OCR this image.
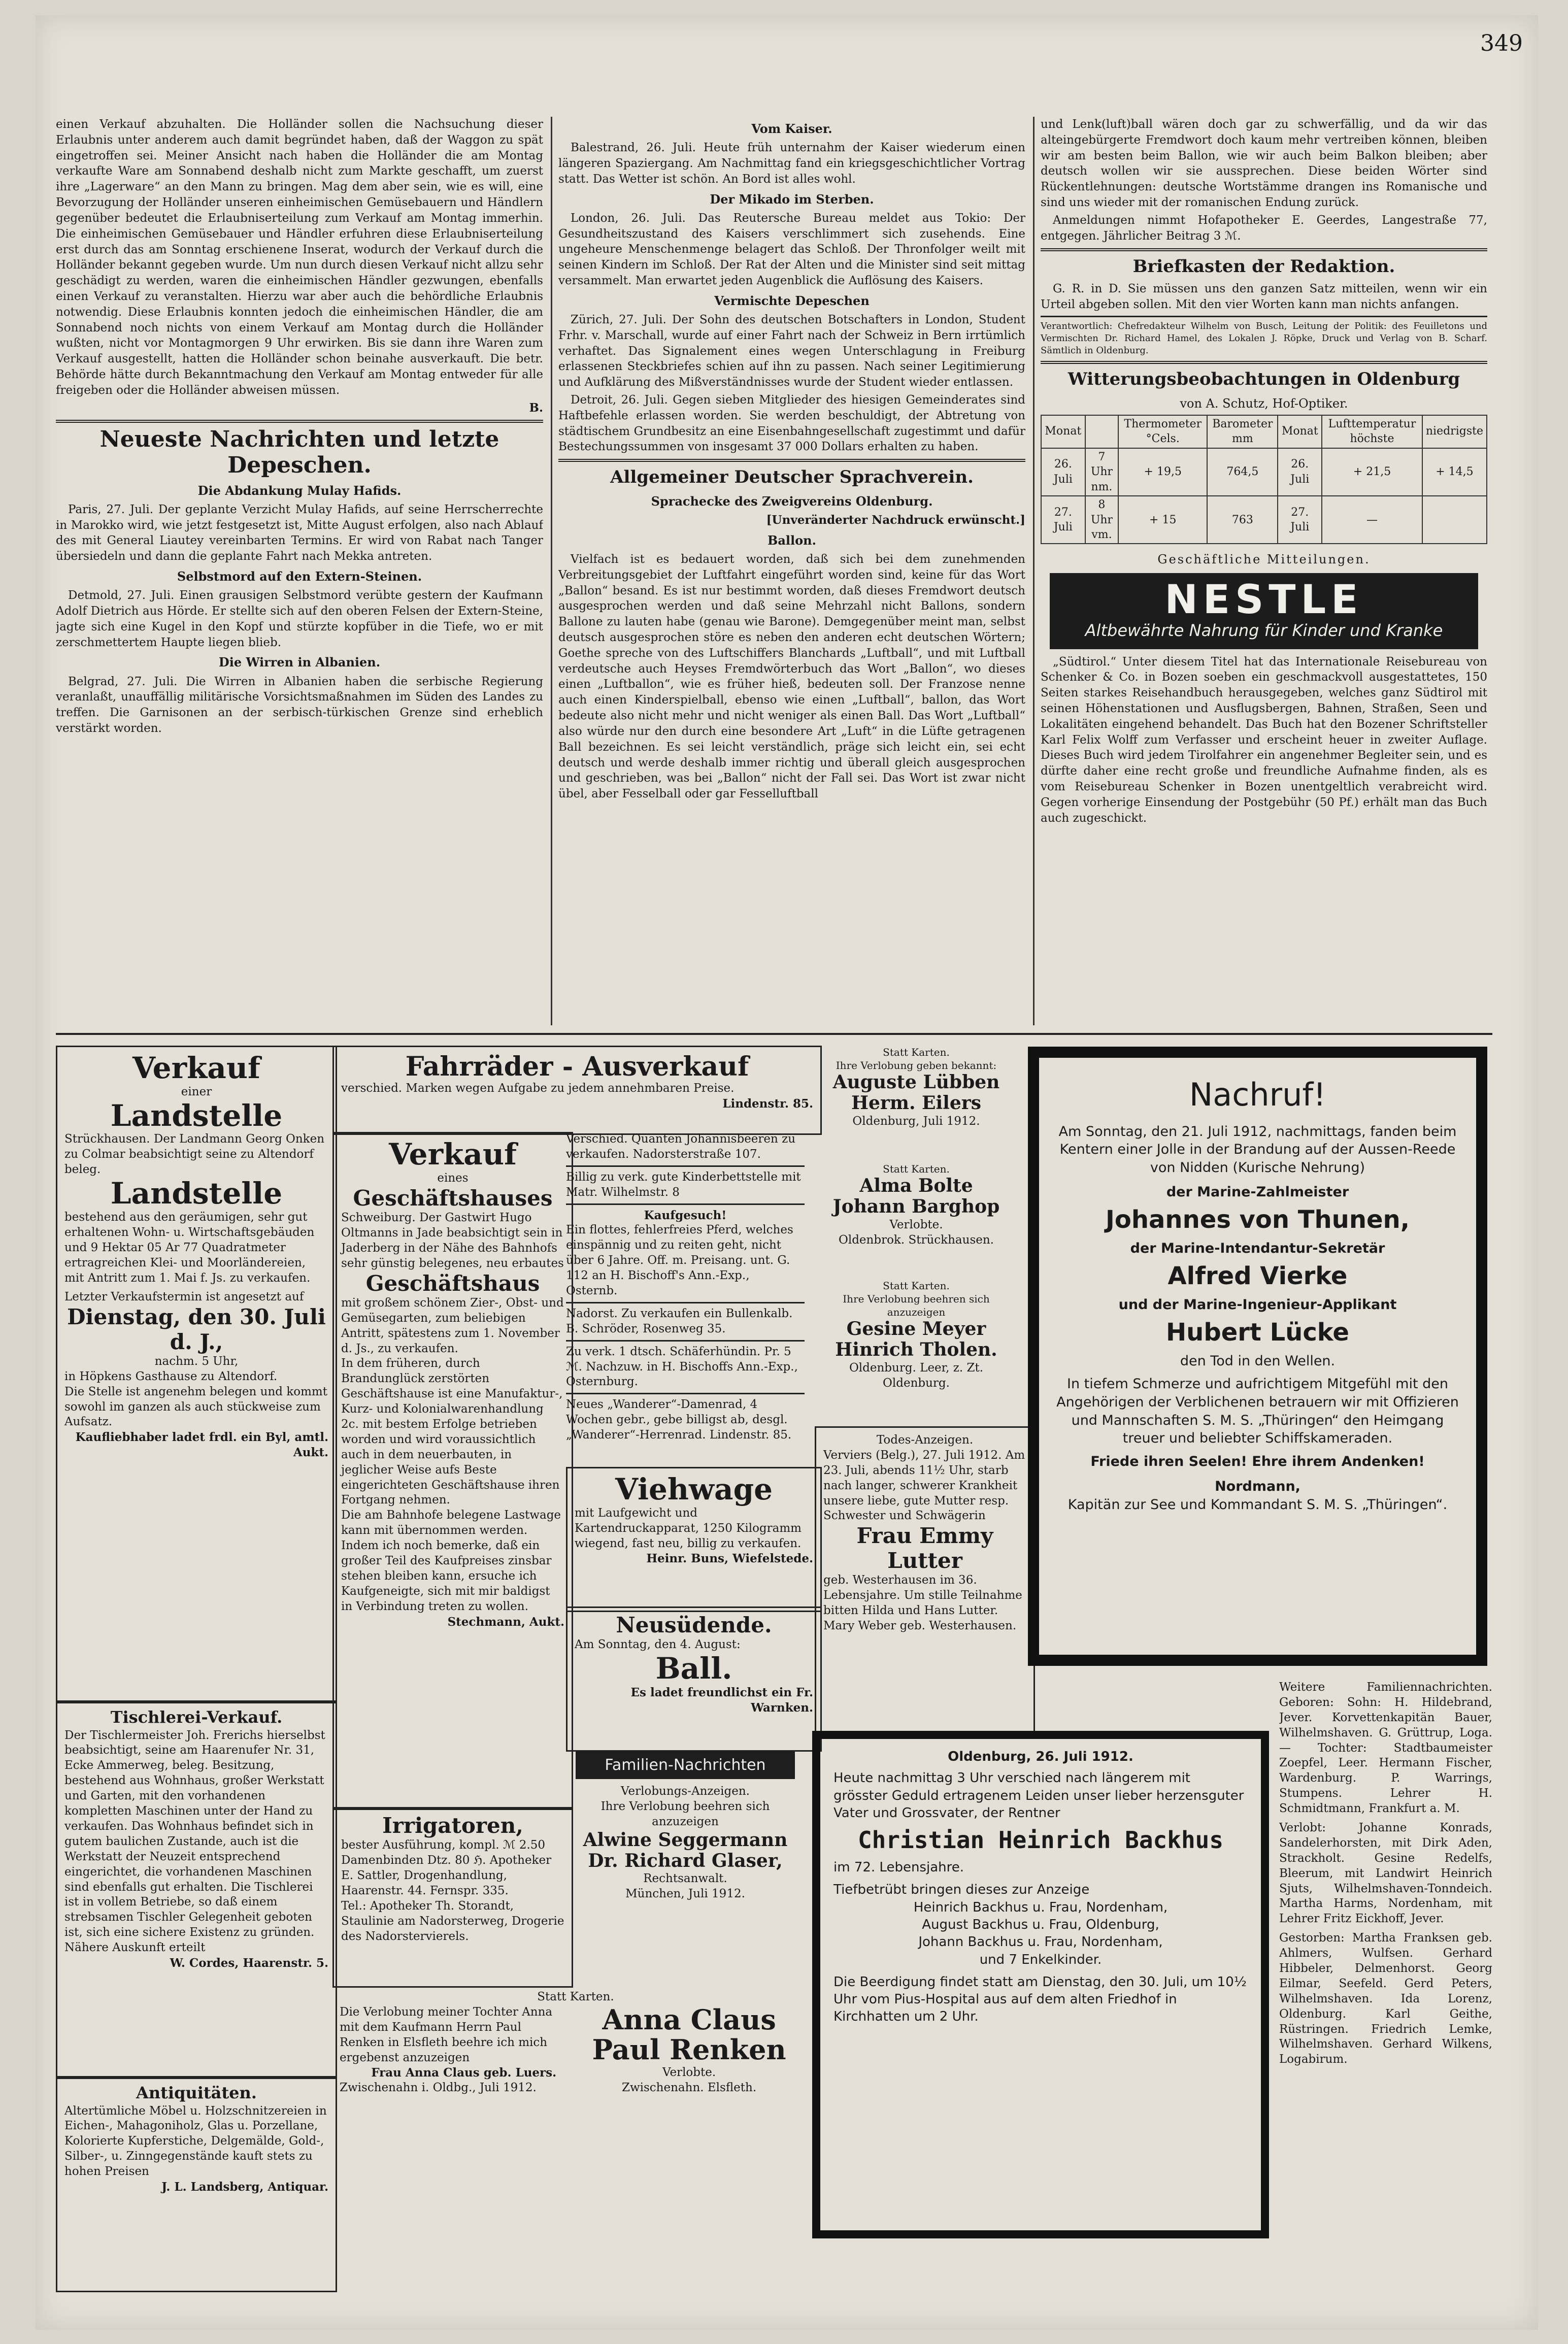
349

einen Verkauf abzuhalten. Die Holländer sollen die Nachsuchung dieser Erlaubnis unter anderem auch damit begründet haben, daß der Waggon zu spät eingetroffen sei. Meiner Ansicht nach haben die Holländer die am Montag verkaufte Ware am Sonnabend deshalb nicht zum Markte geschafft, um zuerst ihre „Lagerware“ an den Mann zu bringen. Mag dem aber sein, wie es will, eine Bevorzugung der Holländer unseren einheimischen Gemüsebauern und Händlern gegenüber bedeutet die Erlaubniserteilung zum Verkauf am Montag immerhin. Die einheimischen Gemüsebauer und Händler erfuhren diese Erlaubniserteilung erst durch das am Sonntag erschienene Inserat, wodurch der Verkauf durch die Holländer bekannt gegeben wurde. Um nun durch diesen Verkauf nicht allzu sehr geschädigt zu werden, waren die einheimischen Händler gezwungen, ebenfalls einen Verkauf zu veranstalten. Hierzu war aber auch die behördliche Erlaubnis notwendig. Diese Erlaubnis konnten jedoch die einheimischen Händler, die am Sonnabend noch nichts von einem Verkauf am Montag durch die Holländer wußten, nicht vor Montagmorgen 9 Uhr erwirken. Bis sie dann ihre Waren zum Verkauf ausgestellt, hatten die Holländer schon beinahe ausverkauft. Die betr. Behörde hätte durch Bekanntmachung den Verkauf am Montag entweder für alle freigeben oder die Holländer abweisen müssen.

B.
Neueste Nachrichten und letzte Depeschen.
Die Abdankung Mulay Hafids.

Paris, 27. Juli. Der geplante Verzicht Mulay Hafids, auf seine Herrscherrechte in Marokko wird, wie jetzt festgesetzt ist, Mitte August erfolgen, also nach Ablauf des mit General Liautey vereinbarten Termins. Er wird von Rabat nach Tanger übersiedeln und dann die geplante Fahrt nach Mekka antreten.

Selbstmord auf den Extern-Steinen.

Detmold, 27. Juli. Einen grausigen Selbstmord verübte gestern der Kaufmann Adolf Dietrich aus Hörde. Er stellte sich auf den oberen Felsen der Extern-Steine, jagte sich eine Kugel in den Kopf und stürzte kopfüber in die Tiefe, wo er mit zerschmettertem Haupte liegen blieb.

Die Wirren in Albanien.

Belgrad, 27. Juli. Die Wirren in Albanien haben die serbische Regierung veranlaßt, unauffällig militärische Vorsichtsmaßnahmen im Süden des Landes zu treffen. Die Garnisonen an der serbisch-türkischen Grenze sind erheblich verstärkt worden.

Vom Kaiser.

Balestrand, 26. Juli. Heute früh unternahm der Kaiser wiederum einen längeren Spaziergang. Am Nachmittag fand ein kriegsgeschichtlicher Vortrag statt. Das Wetter ist schön. An Bord ist alles wohl.

Der Mikado im Sterben.

London, 26. Juli. Das Reutersche Bureau meldet aus Tokio: Der Gesundheitszustand des Kaisers verschlimmert sich zusehends. Eine ungeheure Menschenmenge belagert das Schloß. Der Thronfolger weilt mit seinen Kindern im Schloß. Der Rat der Alten und die Minister sind seit mittag versammelt. Man erwartet jeden Augenblick die Auflösung des Kaisers.

Vermischte Depeschen

Zürich, 27. Juli. Der Sohn des deutschen Botschafters in London, Student Frhr. v. Marschall, wurde auf einer Fahrt nach der Schweiz in Bern irrtümlich verhaftet. Das Signalement eines wegen Unterschlagung in Freiburg erlassenen Steckbriefes schien auf ihn zu passen. Nach seiner Legitimierung und Aufklärung des Mißverständnisses wurde der Student wieder entlassen.

Detroit, 26. Juli. Gegen sieben Mitglieder des hiesigen Gemeinderates sind Haftbefehle erlassen worden. Sie werden beschuldigt, der Abtretung von städtischem Grundbesitz an eine Eisenbahngesellschaft zugestimmt und dafür Bestechungssummen von insgesamt 37 000 Dollars erhalten zu haben.

Allgemeiner Deutscher Sprachverein.
Sprachecke des Zweigvereins Oldenburg.
[Unveränderter Nachdruck erwünscht.]
Ballon.

Vielfach ist es bedauert worden, daß sich bei dem zunehmenden Verbreitungsgebiet der Luftfahrt eingeführt worden sind, keine für das Wort „Ballon“ besand. Es ist nur bestimmt worden, daß dieses Fremdwort deutsch ausgesprochen werden und daß seine Mehrzahl nicht Ballons, sondern Ballone zu lauten habe (genau wie Barone). Demgegenüber meint man, selbst deutsch ausgesprochen störe es neben den anderen echt deutschen Wörtern; Goethe spreche von des Luftschiffers Blanchards „Luftball“, und mit Luftball verdeutsche auch Heyses Fremdwörterbuch das Wort „Ballon“, wo dieses einen „Luftballon“, wie es früher hieß, bedeuten soll. Der Franzose nenne auch einen Kinderspielball, ebenso wie einen „Luftball“, ballon, das Wort bedeute also nicht mehr und nicht weniger als einen Ball. Das Wort „Luftball“ also würde nur den durch eine besondere Art „Luft“ in die Lüfte getragenen Ball bezeichnen. Es sei leicht verständlich, präge sich leicht ein, sei echt deutsch und werde deshalb immer richtig und überall gleich ausgesprochen und geschrieben, was bei „Ballon“ nicht der Fall sei. Das Wort ist zwar nicht übel, aber Fesselball oder gar Fesselluftball

und Lenk(luft)ball wären doch gar zu schwerfällig, und da wir das alteingebürgerte Fremdwort doch kaum mehr vertreiben können, bleiben wir am besten beim Ballon, wie wir auch beim Balkon bleiben; aber deutsch wollen wir sie aussprechen. Diese beiden Wörter sind Rückentlehnungen: deutsche Wortstämme drangen ins Romanische und sind uns wieder mit der romanischen Endung zurück.

Anmeldungen nimmt Hofapotheker E. Geerdes, Langestraße 77, entgegen. Jährlicher Beitrag 3 ℳ.

Briefkasten der Redaktion.

G. R. in D. Sie müssen uns den ganzen Satz mitteilen, wenn wir ein Urteil abgeben sollen. Mit den vier Worten kann man nichts anfangen.

Verantwortlich: Chefredakteur Wilhelm von Busch, Leitung der Politik: des Feuilletons und Vermischten Dr. Richard Hamel, des Lokalen J. Röpke, Druck und Verlag von B. Scharf. Sämtlich in Oldenburg.

Witterungsbeobachtungen in Oldenburg
von A. Schutz, Hof-Optiker.
Monat		Thermometer °Cels.	Barometer mm	Monat	Lufttemperatur höchste	niedrigste
26. Juli	7 Uhr nm.	+ 19,5	764,5	26. Juli	+ 21,5	+ 14,5
27. Juli	8 Uhr vm.	+ 15	763	27. Juli	—	
Geschäftliche Mitteilungen.
NESTLE
Altbewährte Nahrung für Kinder und Kranke

„Südtirol.“ Unter diesem Titel hat das Internationale Reisebureau von Schenker & Co. in Bozen soeben ein geschmackvoll ausgestattetes, 150 Seiten starkes Reisehandbuch herausgegeben, welches ganz Südtirol mit seinen Höhenstationen und Ausflugsbergen, Bahnen, Straßen, Seen und Lokalitäten eingehend behandelt. Das Buch hat den Bozener Schriftsteller Karl Felix Wolff zum Verfasser und erscheint heuer in zweiter Auflage. Dieses Buch wird jedem Tirolfahrer ein angenehmer Begleiter sein, und es dürfte daher eine recht große und freundliche Aufnahme finden, als es vom Reisebureau Schenker in Bozen unentgeltlich verabreicht wird. Gegen vorherige Einsendung der Postgebühr (50 Pf.) erhält man das Buch auch zugeschickt.

Verkauf
einer
Landstelle
Strückhausen. Der Landmann Georg Onken zu Colmar beabsichtigt seine zu Altendorf beleg.
Landstelle
bestehend aus den geräumigen, sehr gut erhaltenen Wohn- u. Wirtschaftsgebäuden und 9 Hektar 05 Ar 77 Quadratmeter ertragreichen Klei- und Moorländereien, mit Antritt zum 1. Mai f. Js. zu verkaufen.
Letzter Verkaufstermin ist angesetzt auf
Dienstag, den 30. Juli d. J.,
nachm. 5 Uhr,
in Höpkens Gasthause zu Altendorf.
Die Stelle ist angenehm belegen und kommt sowohl im ganzen als auch stückweise zum Aufsatz.
Kaufliebhaber ladet frdl. ein Byl, amtl. Aukt.
Tischlerei-Verkauf.
Der Tischlermeister Joh. Frerichs hierselbst beabsichtigt, seine am Haarenufer Nr. 31, Ecke Ammerweg, beleg. Besitzung, bestehend aus Wohnhaus, großer Werkstatt und Garten, mit den vorhandenen kompletten Maschinen unter der Hand zu verkaufen. Das Wohnhaus befindet sich in gutem baulichen Zustande, auch ist die Werkstatt der Neuzeit entsprechend eingerichtet, die vorhandenen Maschinen sind ebenfalls gut erhalten. Die Tischlerei ist in vollem Betriebe, so daß einem strebsamen Tischler Gelegenheit geboten ist, sich eine sichere Existenz zu gründen. Nähere Auskunft erteilt
W. Cordes, Haarenstr. 5.
Antiquitäten.
Altertümliche Möbel u. Holzschnitzereien in Eichen-, Mahagoniholz, Glas u. Porzellane, Kolorierte Kupferstiche, Delgemälde, Gold-, Silber-, u. Zinngegenstände kauft stets zu hohen Preisen
J. L. Landsberg, Antiquar.
Fahrräder - Ausverkauf
verschied. Marken wegen Aufgabe zu jedem annehmbaren Preise.
Lindenstr. 85.
Verkauf
eines
Geschäftshauses
Schweiburg. Der Gastwirt Hugo Oltmanns in Jade beabsichtigt sein in Jaderberg in der Nähe des Bahnhofs sehr günstig belegenes, neu erbautes
Geschäftshaus
mit großem schönem Zier-, Obst- und Gemüsegarten, zum beliebigen Antritt, spätestens zum 1. November d. Js., zu verkaufen.
In dem früheren, durch Brandunglück zerstörten Geschäftshause ist eine Manufaktur-, Kurz- und Kolonialwarenhandlung 2c. mit bestem Erfolge betrieben worden und wird voraussichtlich auch in dem neuerbauten, in jeglicher Weise aufs Beste eingerichteten Geschäftshause ihren Fortgang nehmen.
Die am Bahnhofe belegene Lastwage kann mit übernommen werden.
Indem ich noch bemerke, daß ein großer Teil des Kaufpreises zinsbar stehen bleiben kann, ersuche ich Kaufgeneigte, sich mit mir baldigst in Verbindung treten zu wollen.
Stechmann, Aukt.
Irrigatoren,
bester Ausführung, kompl. ℳ 2.50 Damenbinden Dtz. 80 ℌ. Apotheker E. Sattler, Drogenhandlung, Haarenstr. 44. Fernspr. 335.
Tel.: Apotheker Th. Storandt, Staulinie am Nadorsterweg, Drogerie des Nadorstervierels.
Statt Karten.
Die Verlobung meiner Tochter Anna mit dem Kaufmann Herrn Paul Renken in Elsfleth beehre ich mich ergebenst anzuzeigen
Frau Anna Claus geb. Luers.
Zwischenahn i. Oldbg., Juli 1912.
Anna Claus
Paul Renken
Verlobte.
Zwischenahn. Elsfleth.
Verschied. Quanten Johannisbeeren zu verkaufen. Nadorsterstraße 107.
Billig zu verk. gute Kinderbettstelle mit Matr. Wilhelmstr. 8
Kaufgesuch!
Ein flottes, fehlerfreies Pferd, welches einspännig und zu reiten geht, nicht über 6 Jahre. Off. m. Preisang. unt. G. 112 an H. Bischoff's Ann.-Exp., Osternb.
Nadorst. Zu verkaufen ein Bullenkalb. B. Schröder, Rosenweg 35.
Zu verk. 1 dtsch. Schäferhündin. Pr. 5 ℳ. Nachzuw. in H. Bischoffs Ann.-Exp., Osternburg.
Neues „Wanderer“-Damenrad, 4 Wochen gebr., gebe billigst ab, desgl. „Wanderer“-Herrenrad. Lindenstr. 85.
Viehwage
mit Laufgewicht und Kartendruckapparat, 1250 Kilogramm wiegend, fast neu, billig zu verkaufen.
Heinr. Buns, Wiefelstede.
Neusüdende.
Am Sonntag, den 4. August:
Ball.
Es ladet freundlichst ein Fr. Warnken.
Familien-Nachrichten
Verlobungs-Anzeigen.
Ihre Verlobung beehren sich anzuzeigen
Alwine Seggermann
Dr. Richard Glaser,
Rechtsanwalt.
München, Juli 1912.
Statt Karten.
Ihre Verlobung geben bekannt:
Auguste Lübben
Herm. Eilers
Oldenburg, Juli 1912.
Statt Karten.
Alma Bolte
Johann Barghop
Verlobte.
Oldenbrok. Strückhausen.
Statt Karten.
Ihre Verlobung beehren sich anzuzeigen
Gesine Meyer
Hinrich Tholen.
Oldenburg. Leer, z. Zt. Oldenburg.
Todes-Anzeigen.
Verviers (Belg.), 27. Juli 1912. Am 23. Juli, abends 11½ Uhr, starb nach langer, schwerer Krankheit unsere liebe, gute Mutter resp. Schwester und Schwägerin
Frau Emmy Lutter
geb. Westerhausen im 36. Lebensjahre. Um stille Teilnahme bitten Hilda und Hans Lutter. Mary Weber geb. Westerhausen.
Nachruf!
Am Sonntag, den 21. Juli 1912, nachmittags, fanden beim Kentern einer Jolle in der Brandung auf der Aussen-Reede von Nidden (Kurische Nehrung)
der Marine-Zahlmeister
Johannes von Thunen,
der Marine-Intendantur-Sekretär
Alfred Vierke
und der Marine-Ingenieur-Applikant
Hubert Lücke
den Tod in den Wellen.
In tiefem Schmerze und aufrichtigem Mitgefühl mit den Angehörigen der Verblichenen betrauern wir mit Offizieren und Mannschaften S. M. S. „Thüringen“ den Heimgang treuer und beliebter Schiffskameraden.
Friede ihren Seelen! Ehre ihrem Andenken!
Nordmann,
Kapitän zur See und Kommandant S. M. S. „Thüringen“.
Weitere Familiennachrichten. Geboren: Sohn: H. Hildebrand, Jever. Korvettenkapitän Bauer, Wilhelmshaven. G. Grüttrup, Loga. — Tochter: Stadtbaumeister Zoepfel, Leer. Hermann Fischer, Wardenburg. P. Warrings, Stumpens. Lehrer H. Schmidtmann, Frankfurt a. M.
Verlobt: Johanne Konrads, Sandelerhorsten, mit Dirk Aden, Strackholt. Gesine Redelfs, Bleerum, mit Landwirt Heinrich Sjuts, Wilhelmshaven-Tonndeich. Martha Harms, Nordenham, mit Lehrer Fritz Eickhoff, Jever.
Gestorben: Martha Franksen geb. Ahlmers, Wulfsen. Gerhard Hibbeler, Delmenhorst. Georg Eilmar, Seefeld. Gerd Peters, Wilhelmshaven. Ida Lorenz, Oldenburg. Karl Geithe, Rüstringen. Friedrich Lemke, Wilhelmshaven. Gerhard Wilkens, Logabirum.
Oldenburg, 26. Juli 1912.
Heute nachmittag 3 Uhr verschied nach längerem mit grösster Geduld ertragenem Leiden unser lieber herzensguter Vater und Grossvater, der Rentner
Christian Heinrich Backhus
im 72. Lebensjahre.
Tiefbetrübt bringen dieses zur Anzeige
Heinrich Backhus u. Frau, Nordenham,
August Backhus u. Frau, Oldenburg,
Johann Backhus u. Frau, Nordenham,
und 7 Enkelkinder.
Die Beerdigung findet statt am Dienstag, den 30. Juli, um 10½ Uhr vom Pius-Hospital aus auf dem alten Friedhof in Kirchhatten um 2 Uhr.
